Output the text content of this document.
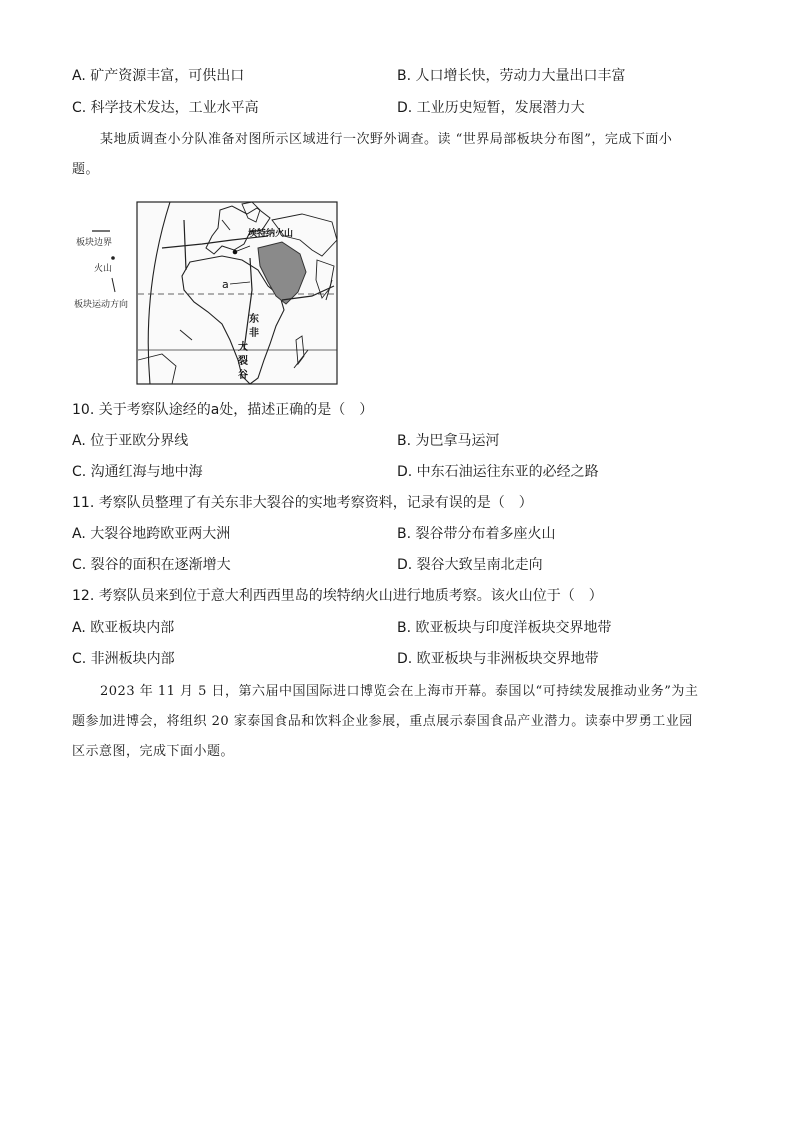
A. 矿产资源丰富，可供出口	B. 人口增长快，劳动力大量出口丰富
C. 科学技术发达，工业水平高	D. 工业历史短暂，发展潜力大
某地质调查小分队准备对图所示区域进行一次野外调查。读 “世界局部板块分布图”，完成下面小
题。
板块边界
火山
板块运动方向
埃特纳火山
a
东
非
大
裂
谷
10. 关于考察队途经的a处，描述正确的是（　）
A. 位于亚欧分界线	B. 为巴拿马运河
C. 沟通红海与地中海	D. 中东石油运往东亚的必经之路
11. 考察队员整理了有关东非大裂谷的实地考察资料，记录有误的是（　）
A. 大裂谷地跨欧亚两大洲	B. 裂谷带分布着多座火山
C. 裂谷的面积在逐渐增大	D. 裂谷大致呈南北走向
12. 考察队员来到位于意大利西西里岛的埃特纳火山进行地质考察。该火山位于（　）
A. 欧亚板块内部	B. 欧亚板块与印度洋板块交界地带
C. 非洲板块内部	D. 欧亚板块与非洲板块交界地带
2023 年 11 月 5 日，第六届中国国际进口博览会在上海市开幕。泰国以“可持续发展推动业务”为主
题参加进博会，将组织 20 家泰国食品和饮料企业参展，重点展示泰国食品产业潜力。读泰中罗勇工业园
区示意图，完成下面小题。
